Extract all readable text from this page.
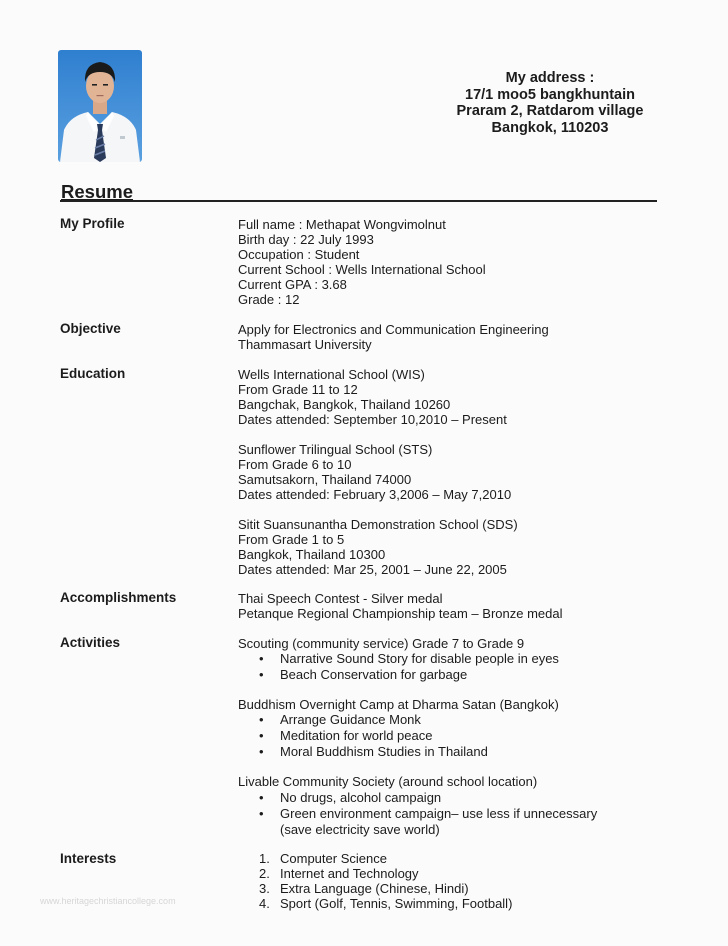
My address :
17/1 moo5 bangkhuntain
Praram 2, Ratdarom village
Bangkok, 110203
Resume
My Profile	Full name : Methapat Wongvimolnut
Birth day : 22 July 1993
Occupation : Student
Current School : Wells International School
Current GPA : 3.68
Grade : 12
Objective	Apply for Electronics and Communication Engineering
Thammasart University
Education	Wells International School (WIS)
From Grade 11 to 12
Bangchak, Bangkok, Thailand 10260
Dates attended: September 10,2010 – Present
Sunflower Trilingual School (STS)
From Grade 6 to 10
Samutsakorn, Thailand 74000
Dates attended: February 3,2006 – May 7,2010
Sitit Suansunantha Demonstration School (SDS)
From Grade 1 to 5
Bangkok, Thailand 10300
Dates attended: Mar 25, 2001 – June 22, 2005
Accomplishments	Thai Speech Contest - Silver medal
Petanque Regional Championship team – Bronze medal
Activities	Scouting (community service) Grade 7 to Grade 9
• Narrative Sound Story for disable people in eyes
• Beach Conservation for garbage
Buddhism Overnight Camp at Dharma Satan (Bangkok)
• Arrange Guidance Monk
• Meditation for world peace
• Moral Buddhism Studies in Thailand
Livable Community Society (around school location)
• No drugs, alcohol campaign
• Green environment campaign– use less if unnecessary
(save electricity save world)
Interests	1. Computer Science
2. Internet and Technology
3. Extra Language (Chinese, Hindi)
4. Sport (Golf, Tennis, Swimming, Football)
www.heritagechristiancollege.com
